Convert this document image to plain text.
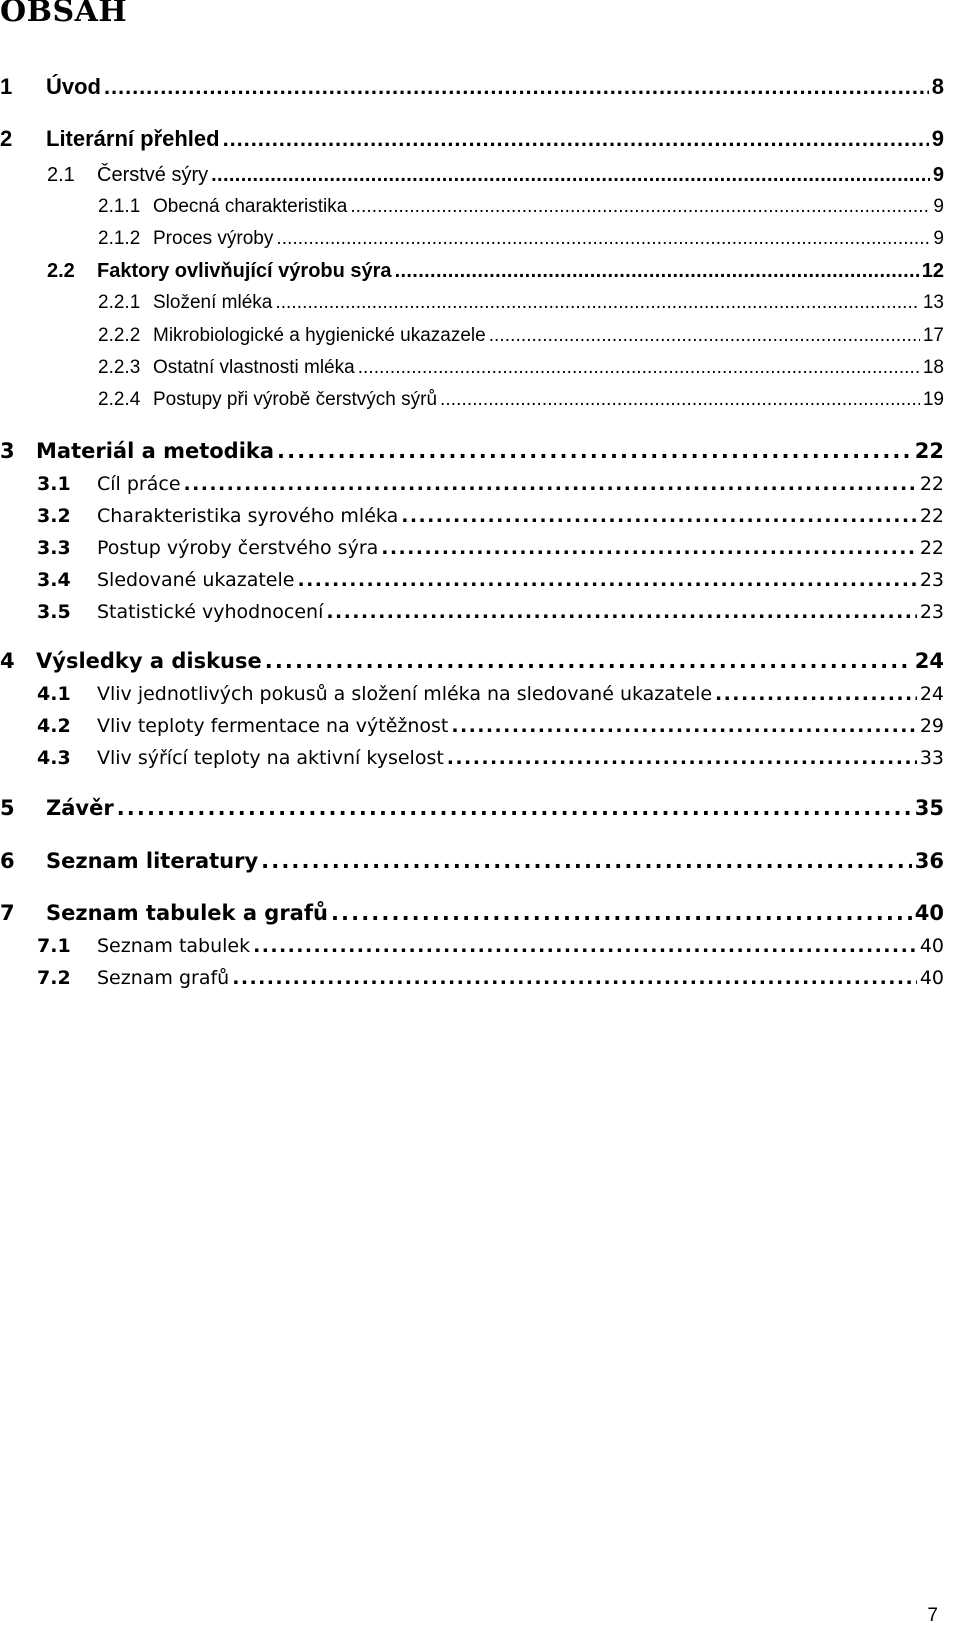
OBSAH
1	Úvod . . .	8
2	Literární přehled . . .	9
2.1	Čerstvé sýry . . .	9
2.1.1 Obecná charakteristika . . .	9
2.1.2 Proces výroby . . .	9
2.2	Faktory ovlivňující výrobu sýra . . .	12
2.2.1 Složení mléka . . .	13
2.2.2 Mikrobiologické a hygienické ukazazele . . .	17
2.2.3 Ostatní vlastnosti mléka . . .	18
2.2.4 Postupy při výrobě čerstvých sýrů . . .	19
3	Materiál a metodika . . .	22
3.1	Cíl práce . . .	22
3.2	Charakteristika syrového mléka . . .	22
3.3	Postup výroby čerstvého sýra . . .	22
3.4	Sledované ukazatele . . .	23
3.5	Statistické vyhodnocení . . .	23
4	Výsledky a diskuse . . .	24
4.1	Vliv jednotlivých pokusů a složení mléka na sledované ukazatele . . .	24
4.2	Vliv teploty fermentace na výtěžnost . . .	29
4.3	Vliv sýřící teploty na aktivní kyselost . . .	33
5	Závěr . . .	35
6	Seznam literatury . . .	36
7	Seznam tabulek a grafů . . .	40
7.1	Seznam tabulek . . .	40
7.2	Seznam grafů . . .	40
7
